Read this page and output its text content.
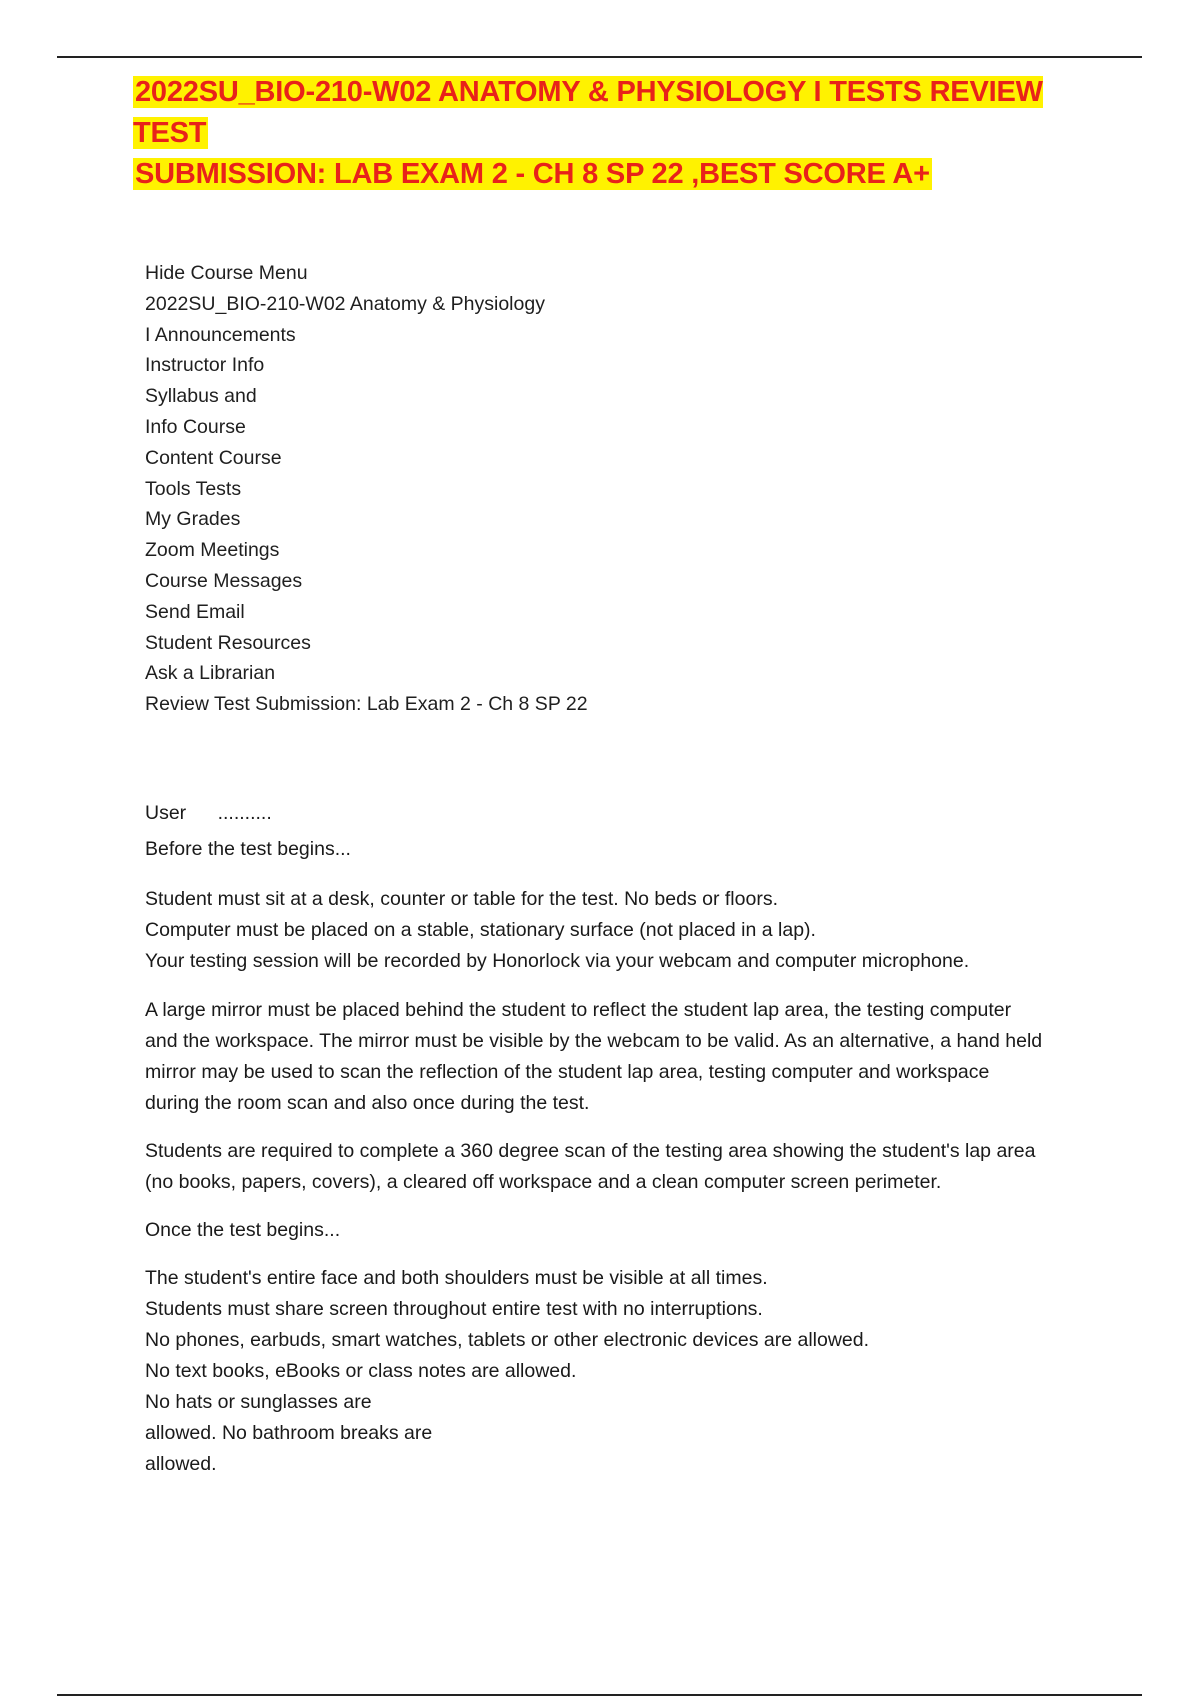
2022SU_BIO-210-W02 ANATOMY & PHYSIOLOGY I TESTS REVIEW TEST
SUBMISSION: LAB EXAM 2 - CH 8 SP 22 ,BEST SCORE A+
Hide Course Menu
2022SU_BIO-210-W02 Anatomy & Physiology
I Announcements
Instructor Info
Syllabus and
Info Course
Content Course
Tools Tests
My Grades
Zoom Meetings
Course Messages
Send Email
Student Resources
Ask a Librarian
Review Test Submission: Lab Exam 2 - Ch 8 SP 22
User ..........

Before the test begins...

Student must sit at a desk, counter or table for the test. No beds or floors.

Computer must be placed on a stable, stationary surface (not placed in a lap).

Your testing session will be recorded by Honorlock via your webcam and computer microphone.

A large mirror must be placed behind the student to reflect the student lap area, the testing computer

and the workspace. The mirror must be visible by the webcam to be valid. As an alternative, a hand held

mirror may be used to scan the reflection of the student lap area, testing computer and workspace

during the room scan and also once during the test.

Students are required to complete a 360 degree scan of the testing area showing the student's lap area

(no books, papers, covers), a cleared off workspace and a clean computer screen perimeter.

Once the test begins...

The student's entire face and both shoulders must be visible at all times.

Students must share screen throughout entire test with no interruptions.

No phones, earbuds, smart watches, tablets or other electronic devices are allowed.

No text books, eBooks or class notes are allowed.

No hats or sunglasses are

allowed. No bathroom breaks are

allowed.
